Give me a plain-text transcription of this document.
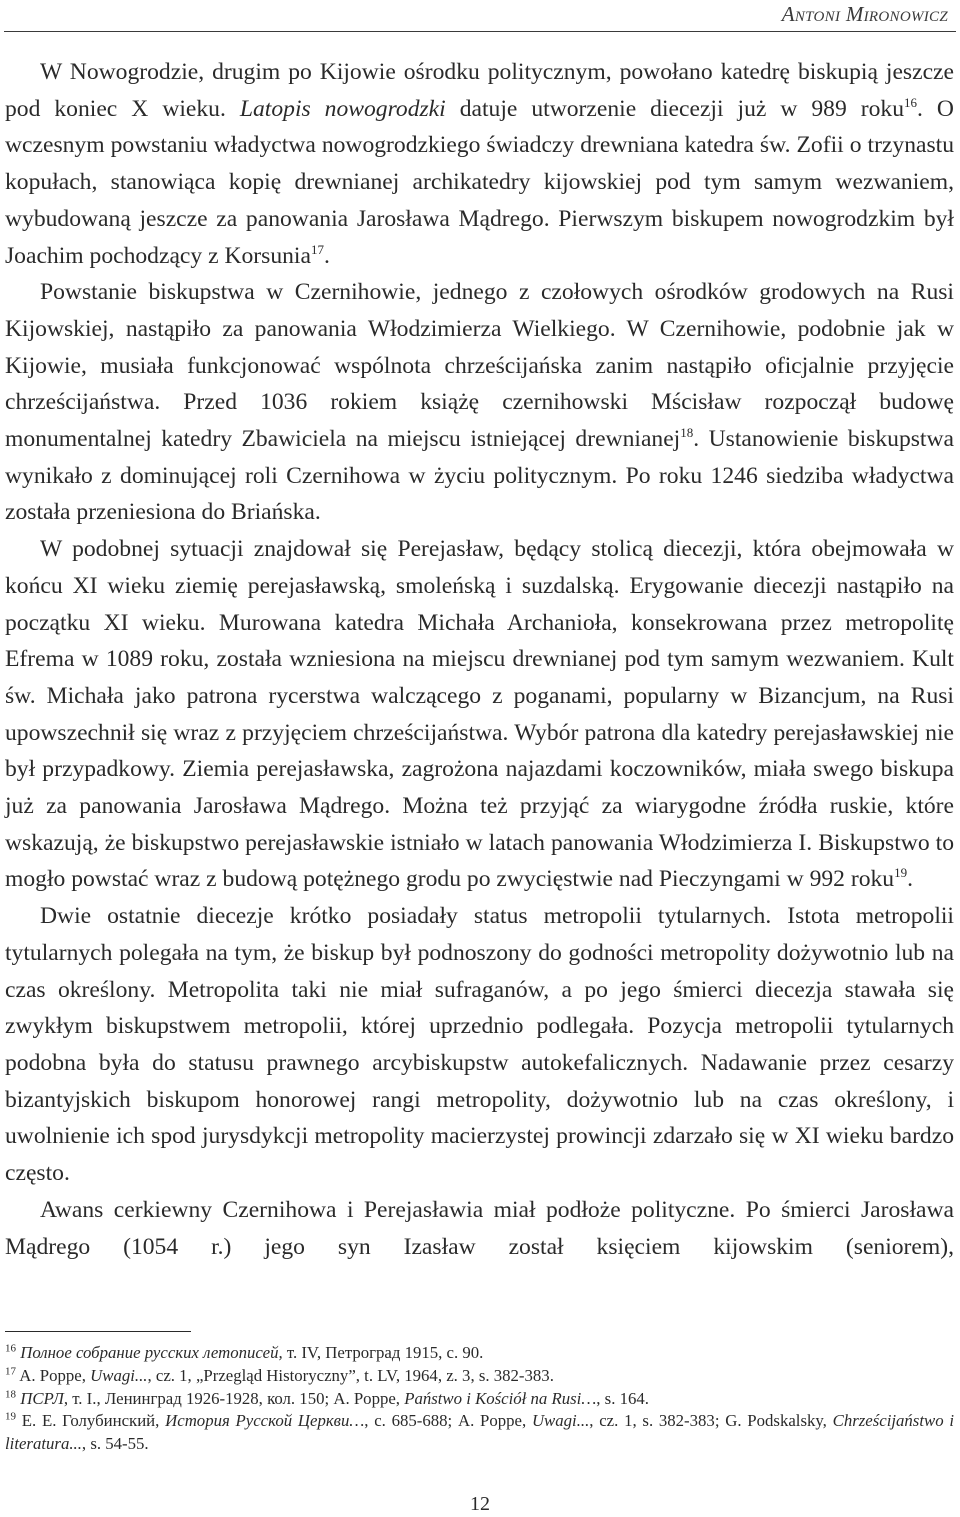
Antoni Mironowicz

W Nowogrodzie, drugim po Kijowie ośrodku politycznym, powołano katedrę biskupią jeszcze pod koniec X wieku. Latopis nowogrodzki datuje utworzenie diecezji już w 989 roku$^{16}$. O wczesnym powstaniu władyctwa nowogrodzkiego świadczy drewniana katedra św. Zofii o trzynastu kopułach, stanowiąca kopię drewnianej archikatedry kijowskiej pod tym samym wezwaniem, wybudowaną jeszcze za panowania Jarosława Mądrego. Pierwszym biskupem nowogrodzkim był Joachim pochodzący z Korsunia$^{17}$.
Powstanie biskupstwa w Czernihowie, jednego z czołowych ośrodków grodowych na Rusi Kijowskiej, nastąpiło za panowania Włodzimierza Wielkiego. W Czernihowie, podobnie jak w Kijowie, musiała funkcjonować wspólnota chrześcijańska zanim nastąpiło oficjalnie przyjęcie chrześcijaństwa. Przed 1036 rokiem książę czernihowski Mścisław rozpoczął budowę monumentalnej katedry Zbawiciela na miejscu istniejącej drewnianej$^{18}$. Ustanowienie biskupstwa wynikało z dominującej roli Czernihowa w życiu politycznym. Po roku 1246 siedziba władyctwa została przeniesiona do Briańska.

W podobnej sytuacji znajdował się Perejasław, będący stolicą diecezji, która obejmowała w końcu XI wieku ziemię perejasławską, smoleńską i suzdalską. Erygowanie diecezji nastąpiło na początku XI wieku. Murowana katedra Michała Archanioła, konsekrowana przez metropolitę Efrema w 1089 roku, została wzniesiona na miejscu drewnianej pod tym samym wezwaniem. Kult św. Michała jako patrona rycerstwa walczącego z poganami, popularny w Bizancjum, na Rusi upowszechnił się wraz z przyjęciem chrześcijaństwa. Wybór patrona dla katedry perejasławskiej nie był przypadkowy. Ziemia perejasławska, zagrożona najazdami koczowników, miała swego biskupa już za panowania Jarosława Mądrego. Można też przyjąć za wiarygodne źródła ruskie, które wskazują, że biskupstwo perejasławskie istniało w latach panowania Włodzimierza I. Biskupstwo to mogło powstać wraz z budową potężnego grodu po zwycięstwie nad Pieczyngami w 992 roku$^{19}$.

Dwie ostatnie diecezje krótko posiadały status metropolii tytularnych. Istota metropolii tytularnych polegała na tym, że biskup był podnoszony do godności metropolity dożywotnio lub na czas określony. Metropolita taki nie miał sufraganów, a po jego śmierci diecezja stawała się zwykłym biskupstwem metropolii, której uprzednio podlegała. Pozycja metropolii tytularnych podobna była do statusu prawnego arcybiskupstw autokefalicznych. Nadawanie przez cesarzy bizantyjskich biskupom honorowej rangi metropolity, dożywotnio lub na czas określony, i uwolnienie ich spod jurysdykcji metropolity macierzystej prowincji zdarzało się w XI wieku bardzo często.

Awans cerkiewny Czernihowa i Perejasławia miał podłoże polityczne. Po śmierci Jarosława Mądrego (1054 r.) jego syn Izasław został księciem kijowskim (seniorem),

$^{16}$ Полное собрание русских летописей, т. IV, Петроград 1915, с. 90.

$^{17}$ A. Poppe, Uwagi..., cz. 1, „Przegląd Historyczny”, t. LV, 1964, z. 3, s. 382-383.

$^{18}$ ПСРЛ, т. I., Ленинград 1926-1928, кол. 150; A. Poppe, Państwo i Kościół na Rusi…, s. 164.

$^{19}$ Е. Е. Голубинский, История Русской Церкви…, с. 685-688; A. Poppe, Uwagi..., cz. 1, s. 382-383; G. Podskalsky, Chrześcijaństwo i literatura..., s. 54-55.

12
